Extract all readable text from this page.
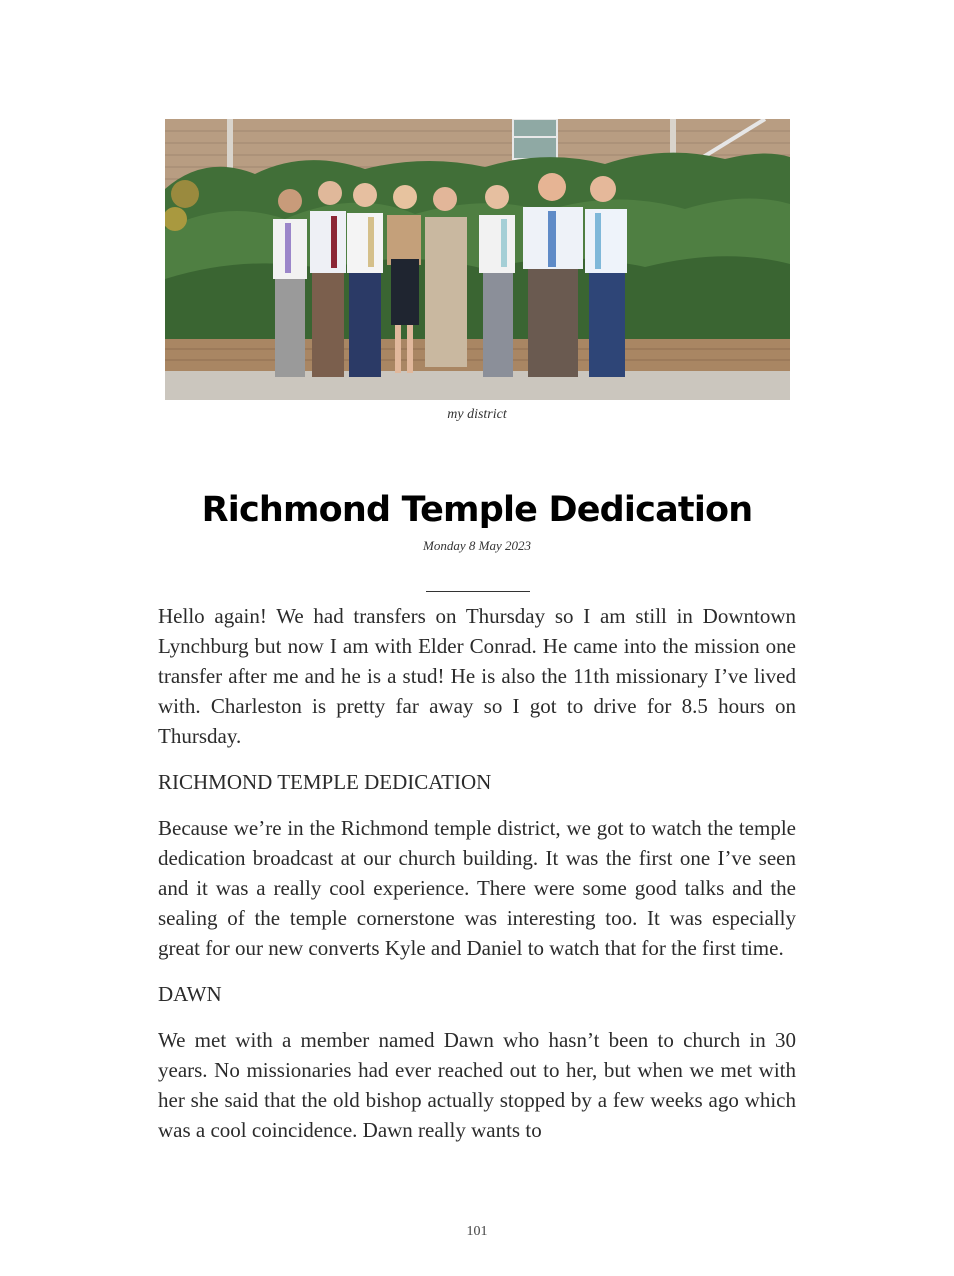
my district
Richmond Temple Dedication
Monday 8 May 2023

Hello again! We had transfers on Thursday so I am still in Downtown Lynchburg but now I am with Elder Conrad. He came into the mission one transfer after me and he is a stud! He is also the 11th missionary I’ve lived with. Charleston is pretty far away so I got to drive for 8.5 hours on Thursday.

RICHMOND TEMPLE DEDICATION

Because we’re in the Richmond temple district, we got to watch the temple dedication broadcast at our church building. It was the first one I’ve seen and it was a really cool experience. There were some good talks and the sealing of the temple cornerstone was interesting too. It was especially great for our new converts Kyle and Daniel to watch that for the first time.

DAWN

We met with a member named Dawn who hasn’t been to church in 30 years. No missionaries had ever reached out to her, but when we met with her she said that the old bishop actually stopped by a few weeks ago which was a cool coincidence. Dawn really wants to

101
